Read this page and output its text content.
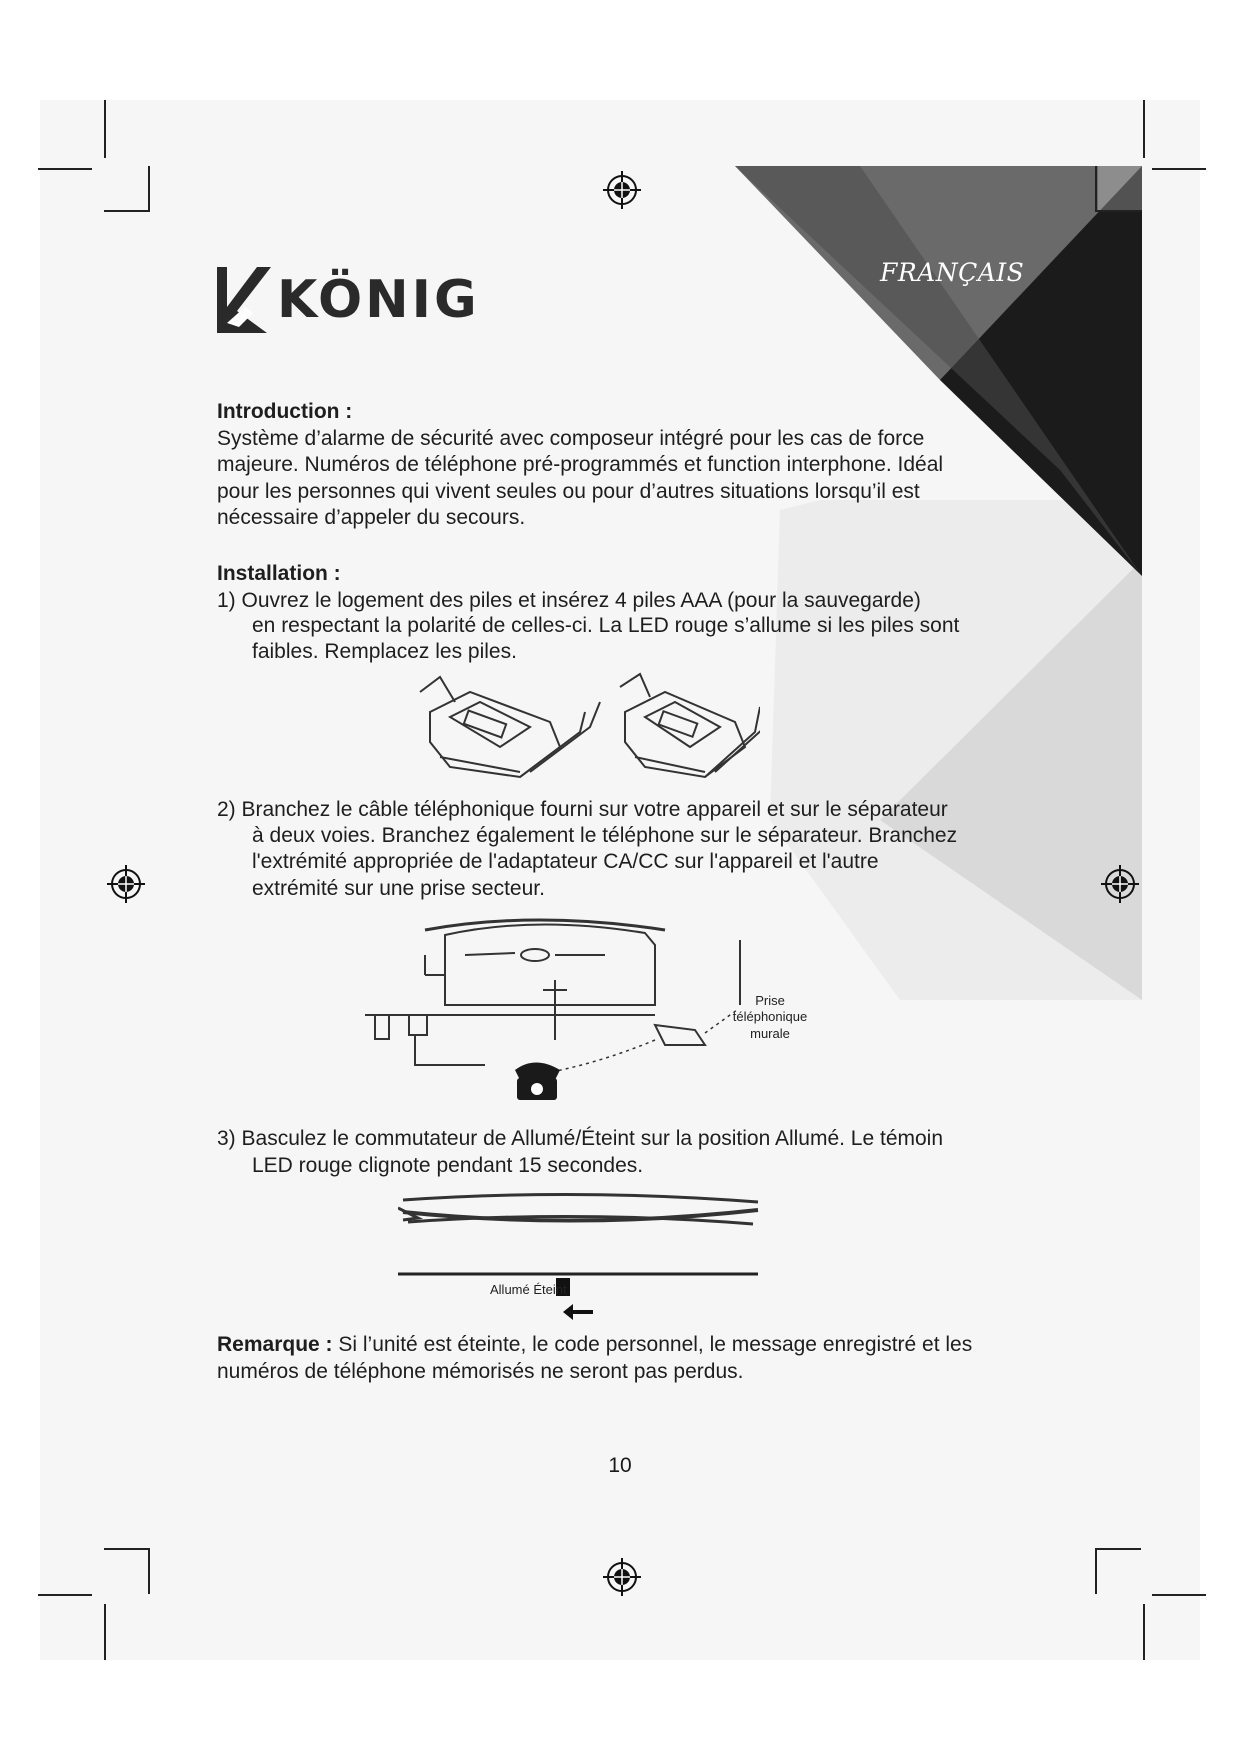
FRANÇAIS
KÖNIG
Introduction :
Système d’alarme de sécurité avec composeur intégré pour les cas de force
majeure. Numéros de téléphone pré-programmés et function interphone. Idéal
pour les personnes qui vivent seules ou pour d’autres situations lorsqu’il est
nécessaire d’appeler du secours.
Installation :
1) Ouvrez le logement des piles et insérez 4 piles AAA (pour la sauvegarde)
en respectant la polarité de celles-ci. La LED rouge s’allume si les piles sont
faibles. Remplacez les piles.
2) Branchez le câble téléphonique fourni sur votre appareil et sur le séparateur
à deux voies. Branchez également le téléphone sur le séparateur. Branchez
l'extrémité appropriée de l'adaptateur CA/CC sur l'appareil et l'autre
extrémité sur une prise secteur.
Prise
téléphonique
murale
3) Basculez le commutateur de Allumé/Éteint sur la position Allumé. Le témoin
LED rouge clignote pendant 15 secondes.
Allumé Éteint
Remarque : Si l’unité est éteinte, le code personnel, le message enregistré et les
numéros de téléphone mémorisés ne seront pas perdus.
10
